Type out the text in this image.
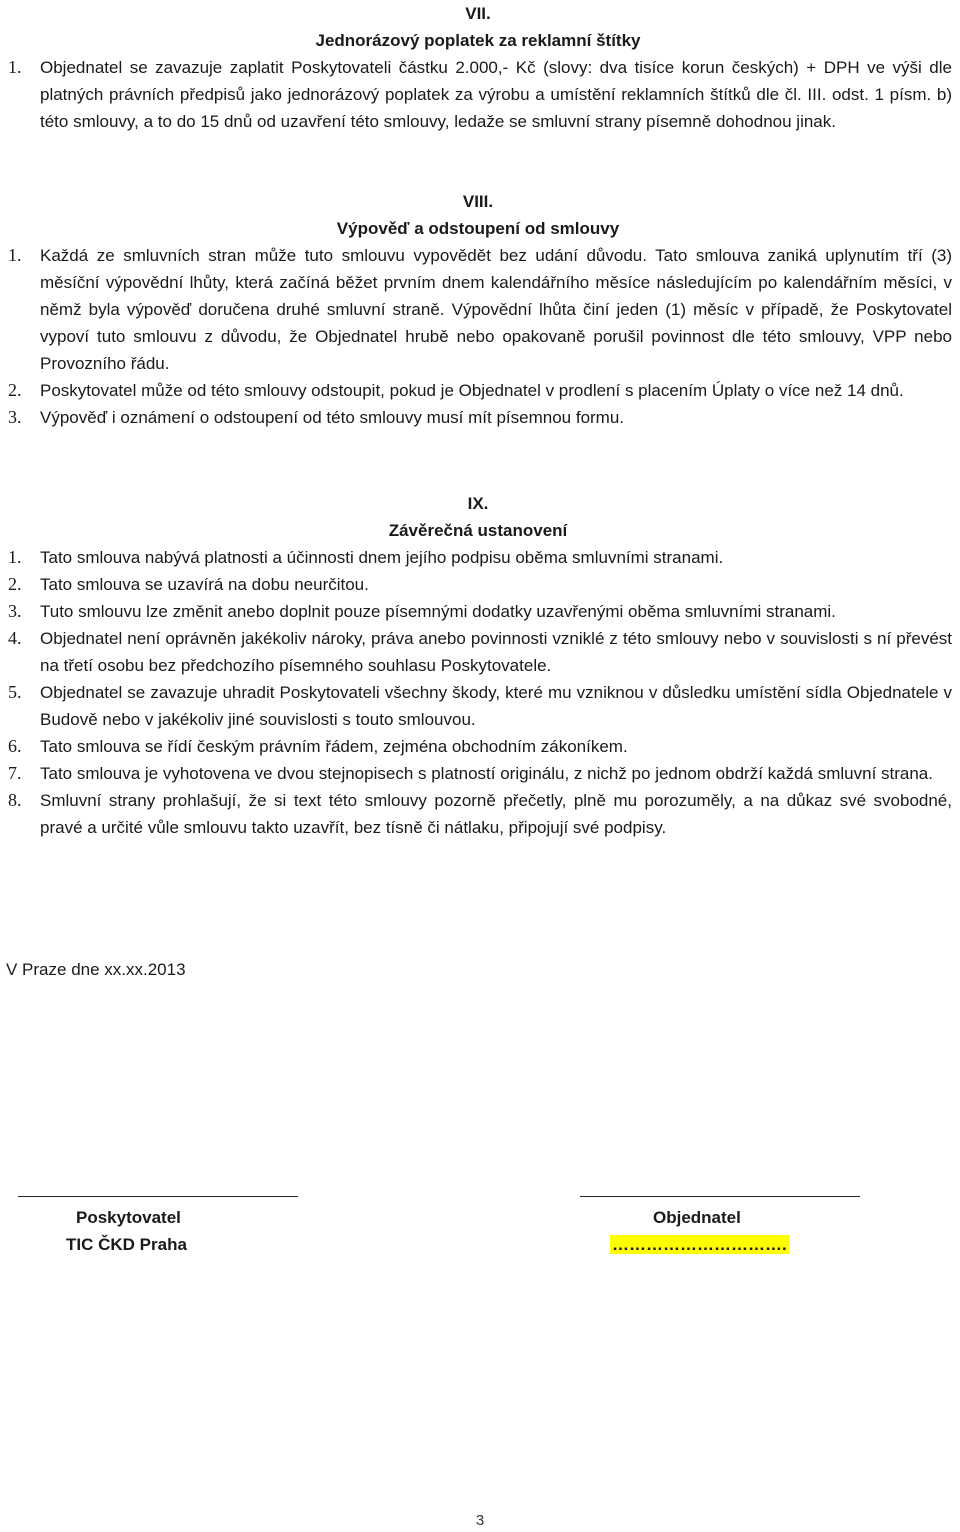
VII.

Jednorázový poplatek za reklamní štítky

1.	Objednatel se zavazuje zaplatit Poskytovateli částku 2.000,- Kč (slovy: dva tisíce korun českých) + DPH ve výši dle platných právních předpisů jako jednorázový poplatek za výrobu a umístění reklamních štítků dle čl. III. odst. 1 písm. b) této smlouvy, a to do 15 dnů od uzavření této smlouvy, ledaže se smluvní strany písemně dohodnou jinak.

VIII.

Výpověď a odstoupení od smlouvy

1.	Každá ze smluvních stran může tuto smlouvu vypovědět bez udání důvodu. Tato smlouva zaniká uplynutím tří (3) měsíční výpovědní lhůty, která začíná běžet prvním dnem kalendářního měsíce následujícím po kalendářním měsíci, v němž byla výpověď doručena druhé smluvní straně. Výpovědní lhůta činí jeden (1) měsíc v případě, že Poskytovatel vypoví tuto smlouvu z důvodu, že Objednatel hrubě nebo opakovaně porušil povinnost dle této smlouvy, VPP nebo Provozního řádu.
2.	Poskytovatel může od této smlouvy odstoupit, pokud je Objednatel v prodlení s placením Úplaty o více než 14 dnů.
3.	Výpověď i oznámení o odstoupení od této smlouvy musí mít písemnou formu.

IX.

Závěrečná ustanovení

1.	Tato smlouva nabývá platnosti a účinnosti dnem jejího podpisu oběma smluvními stranami.
2.	Tato smlouva se uzavírá na dobu neurčitou.
3.	Tuto smlouvu lze změnit anebo doplnit pouze písemnými dodatky uzavřenými oběma smluvními stranami.
4.	Objednatel není oprávněn jakékoliv nároky, práva anebo povinnosti vzniklé z této smlouvy nebo v souvislosti s ní převést na třetí osobu bez předchozího písemného souhlasu Poskytovatele.
5.	Objednatel se zavazuje uhradit Poskytovateli všechny škody, které mu vzniknou v důsledku umístění sídla Objednatele v Budově nebo v jakékoliv jiné souvislosti s touto smlouvou.
6.	Tato smlouva se řídí českým právním řádem, zejména obchodním zákoníkem.
7.	Tato smlouva je vyhotovena ve dvou stejnopisech s platností originálu, z nichž po jednom obdrží každá smluvní strana.
8.	Smluvní strany prohlašují, že si text této smlouvy pozorně přečetly, plně mu porozuměly, a na důkaz své svobodné, pravé a určité vůle smlouvu takto uzavřít, bez tísně či nátlaku, připojují své podpisy.
V Praze dne xx.xx.2013
Poskytovatel
TIC ČKD Praha
Objednatel
………………………….
3
